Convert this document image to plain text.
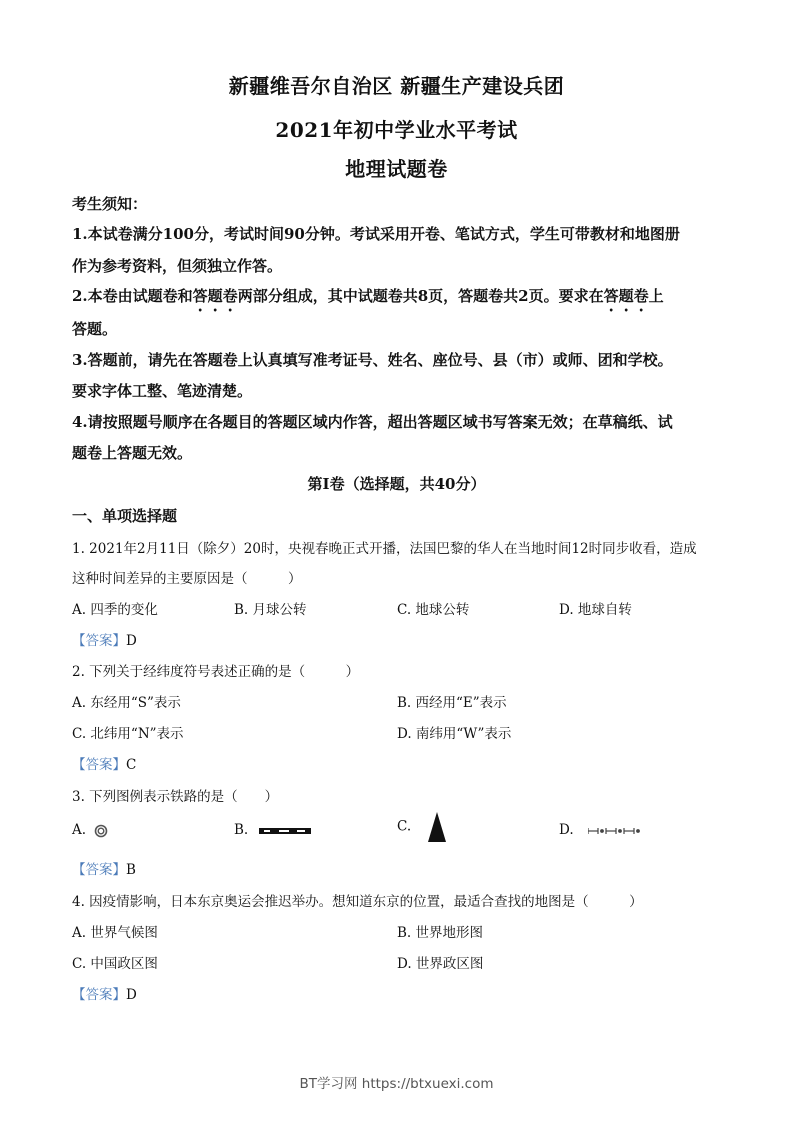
新疆维吾尔自治区 新疆生产建设兵团
2021年初中学业水平考试
地理试题卷
考生须知：
1.本试卷满分100分，考试时间90分钟。考试采用开卷、笔试方式，学生可带教材和地图册
作为参考资料，但须独立作答。
2.本卷由试题卷和答题卷两部分组成，其中试题卷共8页，答题卷共2页。要求在答题卷上
答题。
3.答题前，请先在答题卷上认真填写准考证号、姓名、座位号、县（市）或师、团和学校。
要求字体工整、笔迹清楚。
4.请按照题号顺序在各题目的答题区域内作答，超出答题区域书写答案无效；在草稿纸、试
题卷上答题无效。
第Ⅰ卷（选择题，共40分）
一、单项选择题
1. 2021年2月11日（除夕）20时，央视春晚正式开播，法国巴黎的华人在当地时间12时同步收看，造成
这种时间差异的主要原因是（　　　）
A. 四季的变化	B. 月球公转	C. 地球公转	D. 地球自转
【答案】D
2. 下列关于经纬度符号表述正确的是（　　　）
A. 东经用“S”表示	B. 西经用“E”表示
C. 北纬用“N”表示	D. 南纬用“W”表示
【答案】C
3. 下列图例表示铁路的是（　　）
A.	B.	C.	D.
【答案】B
4. 因疫情影响，日本东京奥运会推迟举办。想知道东京的位置，最适合查找的地图是（　　　）
A. 世界气候图	B. 世界地形图
C. 中国政区图	D. 世界政区图
【答案】D
BT学习网 https://btxuexi.com
